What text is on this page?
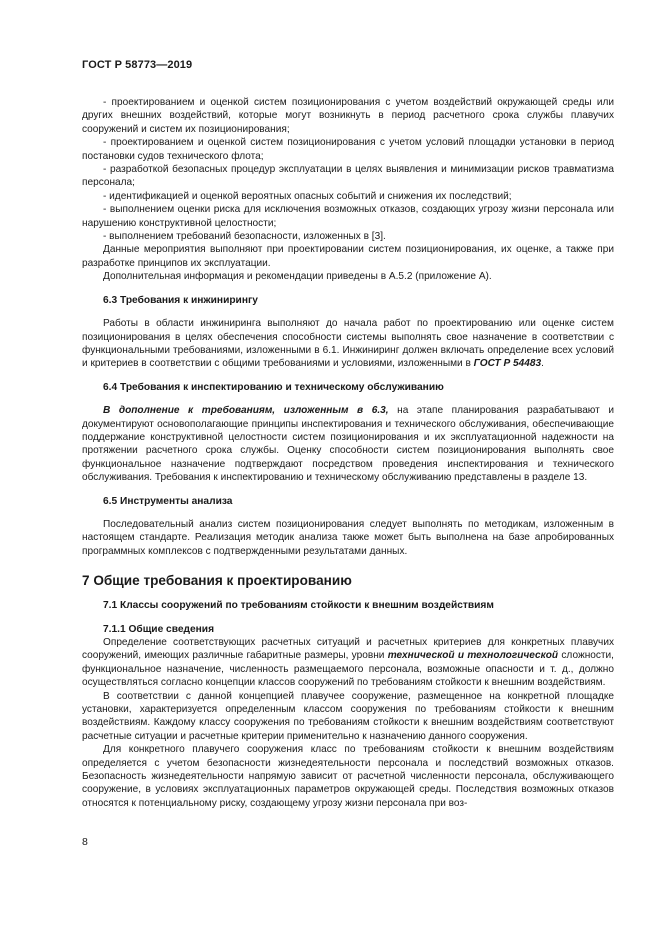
ГОСТ Р 58773—2019

- проектированием и оценкой систем позиционирования с учетом воздействий окружающей среды или других внешних воздействий, которые могут возникнуть в период расчетного срока службы плавучих сооружений и систем их позиционирования;

- проектированием и оценкой систем позиционирования с учетом условий площадки установки в период постановки судов технического флота;

- разработкой безопасных процедур эксплуатации в целях выявления и минимизации рисков травматизма персонала;

- идентификацией и оценкой вероятных опасных событий и снижения их последствий;

- выполнением оценки риска для исключения возможных отказов, создающих угрозу жизни персонала или нарушению конструктивной целостности;

- выполнением требований безопасности, изложенных в [3].

Данные мероприятия выполняют при проектировании систем позиционирования, их оценке, а также при разработке принципов их эксплуатации.

Дополнительная информация и рекомендации приведены в А.5.2 (приложение А).

6.3 Требования к инжинирингу

Работы в области инжиниринга выполняют до начала работ по проектированию или оценке систем позиционирования в целях обеспечения способности системы выполнять свое назначение в соответствии с функциональными требованиями, изложенными в 6.1. Инжиниринг должен включать определение всех условий и критериев в соответствии с общими требованиями и условиями, изложенными в ГОСТ Р 54483.

6.4 Требования к инспектированию и техническому обслуживанию

В дополнение к требованиям, изложенным в 6.3, на этапе планирования разрабатывают и документируют основополагающие принципы инспектирования и технического обслуживания, обеспечивающие поддержание конструктивной целостности систем позиционирования и их эксплуатационной надежности на протяжении расчетного срока службы. Оценку способности систем позиционирования выполнять свое функциональное назначение подтверждают посредством проведения инспектирования и технического обслуживания. Требования к инспектированию и техническому обслуживанию представлены в разделе 13.

6.5 Инструменты анализа

Последовательный анализ систем позиционирования следует выполнять по методикам, изложенным в настоящем стандарте. Реализация методик анализа также может быть выполнена на базе апробированных программных комплексов с подтвержденными результатами данных.

7 Общие требования к проектированию
7.1 Классы сооружений по требованиям стойкости к внешним воздействиям
7.1.1 Общие сведения

Определение соответствующих расчетных ситуаций и расчетных критериев для конкретных плавучих сооружений, имеющих различные габаритные размеры, уровни технической и технологической сложности, функциональное назначение, численность размещаемого персонала, возможные опасности и т. д., должно осуществляться согласно концепции классов сооружений по требованиям стойкости к внешним воздействиям.

В соответствии с данной концепцией плавучее сооружение, размещенное на конкретной площадке установки, характеризуется определенным классом сооружения по требованиям стойкости к внешним воздействиям. Каждому классу сооружения по требованиям стойкости к внешним воздействиям соответствуют расчетные ситуации и расчетные критерии применительно к назначению данного сооружения.

Для конкретного плавучего сооружения класс по требованиям стойкости к внешним воздействиям определяется с учетом безопасности жизнедеятельности персонала и последствий возможных отказов. Безопасность жизнедеятельности напрямую зависит от расчетной численности персонала, обслуживающего сооружение, в условиях эксплуатационных параметров окружающей среды. Последствия возможных отказов относятся к потенциальному риску, создающему угрозу жизни персонала при воз-

8
